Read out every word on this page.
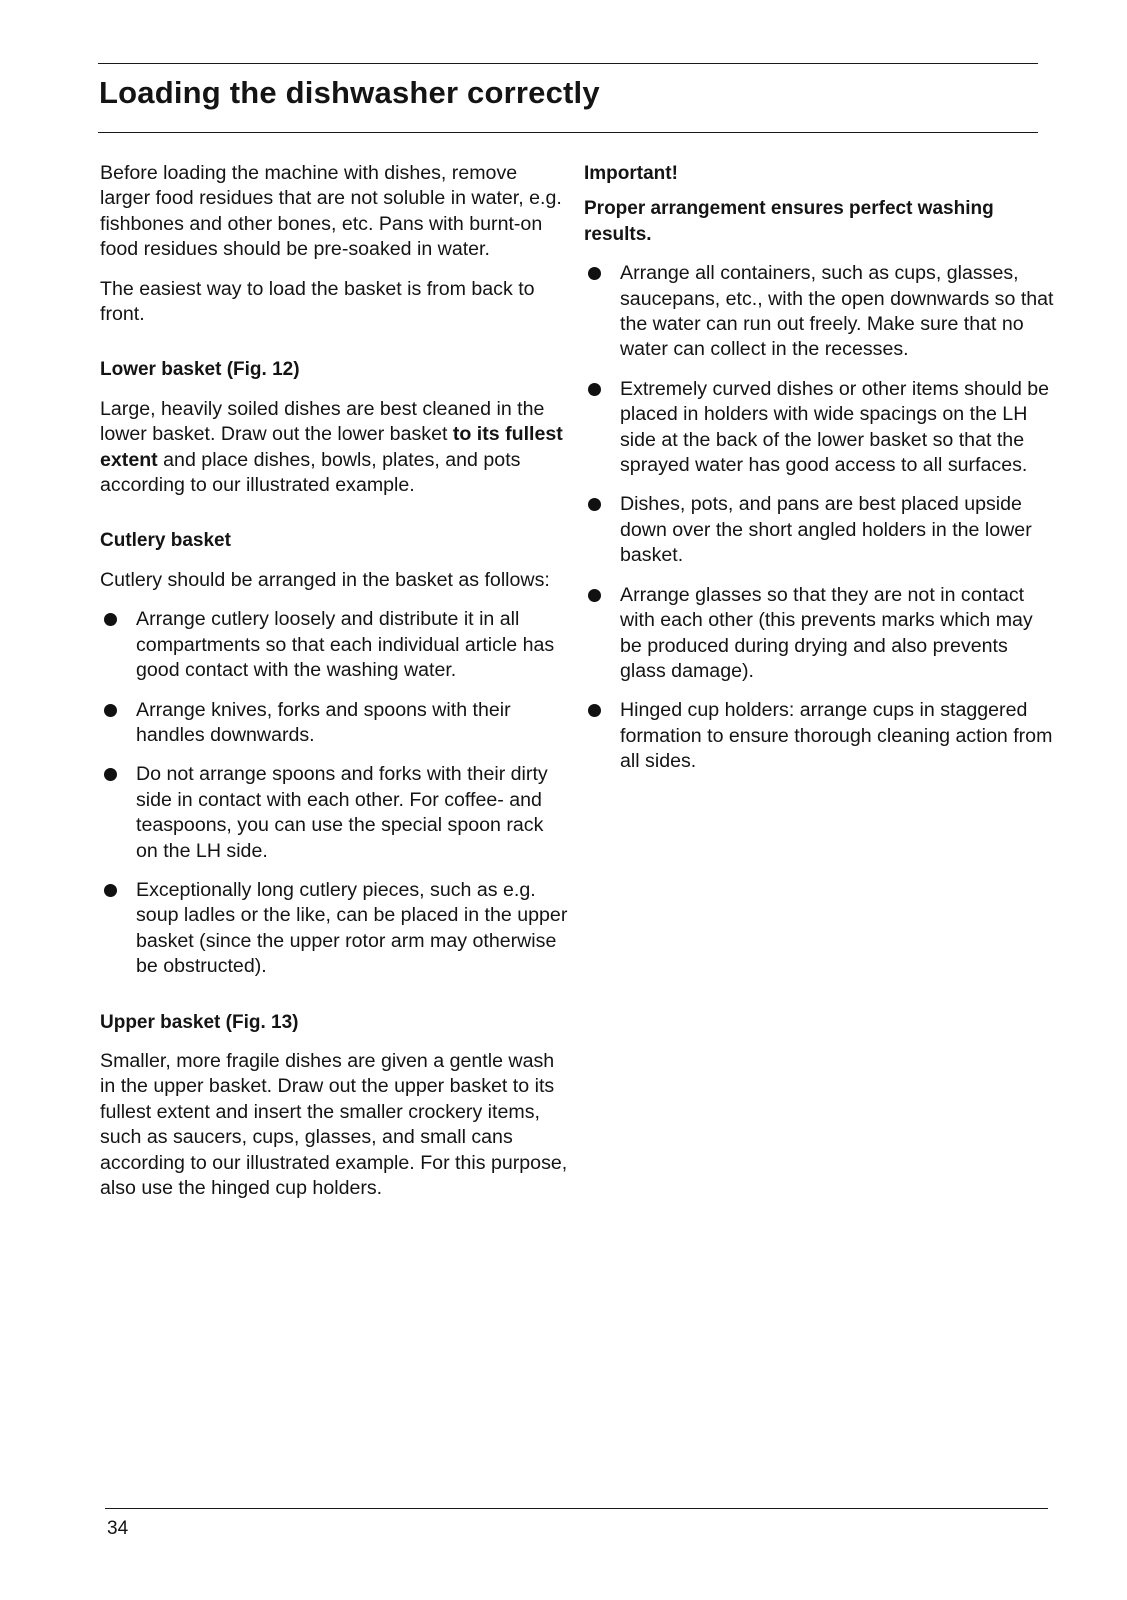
Loading the dishwasher correctly

Before loading the machine with dishes, remove larger food residues that are not soluble in water, e.g. fishbones and other bones, etc. Pans with burnt-on food residues should be pre-soaked in water.

The easiest way to load the basket is from back to front.

Lower basket (Fig. 12)

Large, heavily soiled dishes are best cleaned in the lower basket. Draw out the lower basket to its fullest extent and place dishes, bowls, plates, and pots according to our illustrated example.

Cutlery basket

Cutlery should be arranged in the basket as follows:

Arrange cutlery loosely and distribute it in all compartments so that each individual article has good contact with the washing water.
Arrange knives, forks and spoons with their handles downwards.
Do not arrange spoons and forks with their dirty side in contact with each other. For coffee- and teaspoons, you can use the special spoon rack on the LH side.
Exceptionally long cutlery pieces, such as e.g. soup ladles or the like, can be placed in the upper basket (since the upper rotor arm may otherwise be obstructed).

Upper basket (Fig. 13)

Smaller, more fragile dishes are given a gentle wash in the upper basket. Draw out the upper basket to its fullest extent and insert the smaller crockery items, such as saucers, cups, glasses, and small cans according to our illustrated example. For this purpose, also use the hinged cup holders.

Important!

Proper arrangement ensures perfect washing results.

Arrange all containers, such as cups, glasses, saucepans, etc., with the open downwards so that the water can run out freely. Make sure that no water can collect in the recesses.
Extremely curved dishes or other items should be placed in holders with wide spacings on the LH side at the back of the lower basket so that the sprayed water has good access to all surfaces.
Dishes, pots, and pans are best placed upside down over the short angled holders in the lower basket.
Arrange glasses so that they are not in contact with each other (this prevents marks which may be produced during drying and also prevents glass damage).
Hinged cup holders: arrange cups in staggered formation to ensure thorough cleaning action from all sides.
34
